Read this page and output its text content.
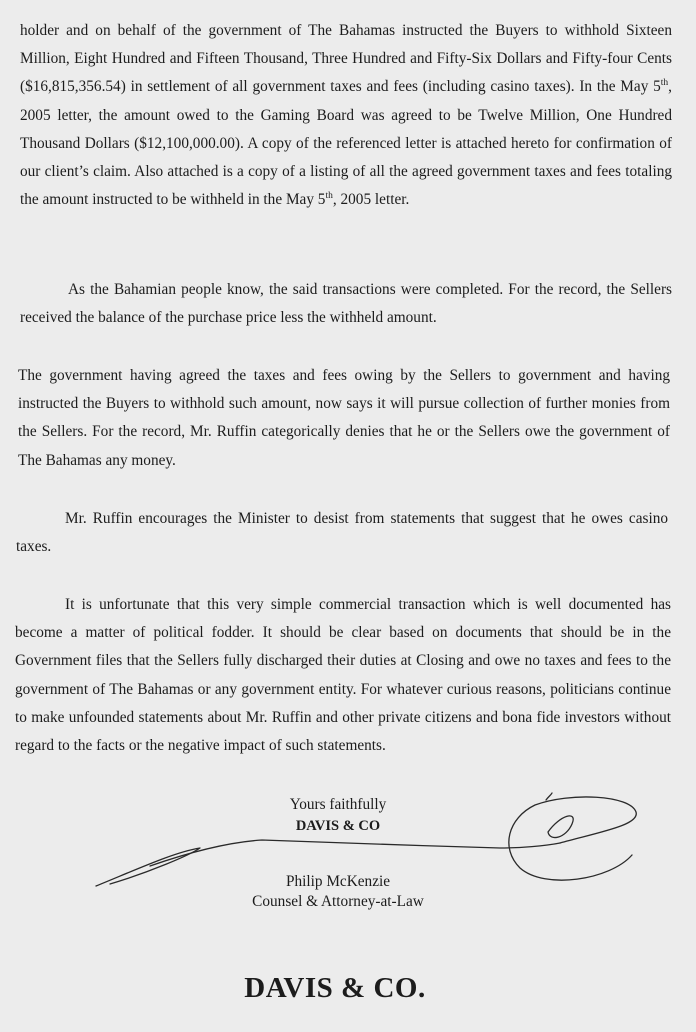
holder and on behalf of the government of The Bahamas instructed the Buyers to withhold Sixteen Million, Eight Hundred and Fifteen Thousand, Three Hundred and Fifty-Six Dollars and Fifty-four Cents ($16,815,356.54) in settlement of all government taxes and fees (including casino taxes). In the May 5th, 2005 letter, the amount owed to the Gaming Board was agreed to be Twelve Million, One Hundred Thousand Dollars ($12,100,000.00). A copy of the referenced letter is attached hereto for confirmation of our client’s claim. Also attached is a copy of a listing of all the agreed government taxes and fees totaling the amount instructed to be withheld in the May 5th, 2005 letter.

As the Bahamian people know, the said transactions were completed. For the record, the Sellers received the balance of the purchase price less the withheld amount.

The government having agreed the taxes and fees owing by the Sellers to government and having instructed the Buyers to withhold such amount, now says it will pursue collection of further monies from the Sellers. For the record, Mr. Ruffin categorically denies that he or the Sellers owe the government of The Bahamas any money.

Mr. Ruffin encourages the Minister to desist from statements that suggest that he owes casino taxes.

It is unfortunate that this very simple commercial transaction which is well documented has become a matter of political fodder. It should be clear based on documents that should be in the Government files that the Sellers fully discharged their duties at Closing and owe no taxes and fees to the government of The Bahamas or any government entity. For whatever curious reasons, politicians continue to make unfounded statements about Mr. Ruffin and other private citizens and bona fide investors without regard to the facts or the negative impact of such statements.

Yours faithfully
DAVIS & CO
Philip McKenzie
Counsel & Attorney-at-Law
DAVIS & CO.
